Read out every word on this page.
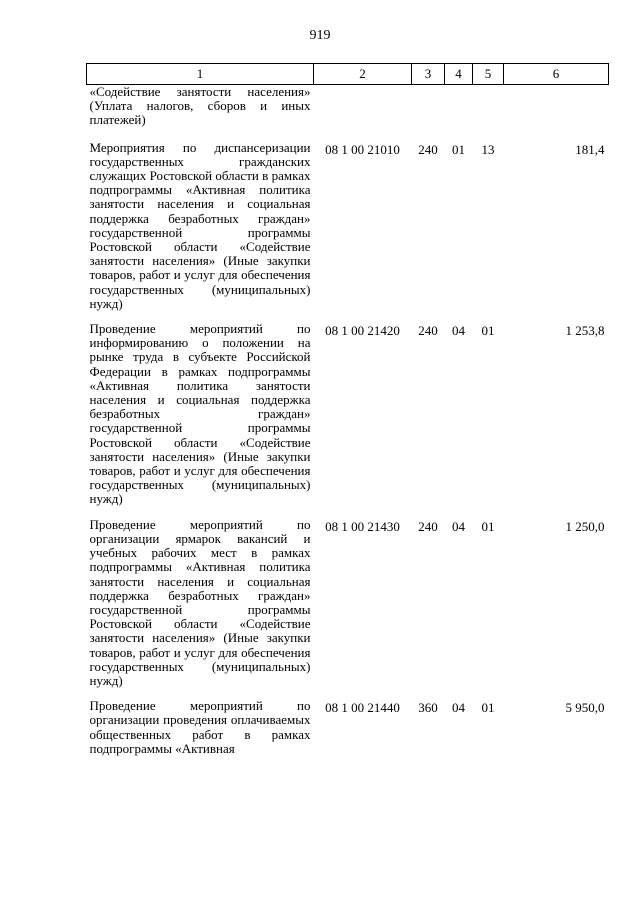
919
1	2	3	4	5	6
«Содействие занятости населения» (Уплата налогов, сборов и иных платежей)					
Мероприятия по диспансеризации государственных гражданских служащих Ростовской области в рамках подпрограммы «Активная политика занятости населения и социальная поддержка безработных граждан» государственной программы Ростовской области «Содействие занятости населения» (Иные закупки товаров, работ и услуг для обеспечения государственных (муниципальных) нужд)	08 1 00 21010	240	01	13	181,4
Проведение мероприятий по информированию о положении на рынке труда в субъекте Российской Федерации в рамках подпрограммы «Активная политика занятости населения и социальная поддержка безработных граждан» государственной программы Ростовской области «Содействие занятости населения» (Иные закупки товаров, работ и услуг для обеспечения государственных (муниципальных) нужд)	08 1 00 21420	240	04	01	1 253,8
Проведение мероприятий по организации ярмарок вакансий и учебных рабочих мест в рамках подпрограммы «Активная политика занятости населения и социальная поддержка безработных граждан» государственной программы Ростовской области «Содействие занятости населения» (Иные закупки товаров, работ и услуг для обеспечения государственных (муниципальных) нужд)	08 1 00 21430	240	04	01	1 250,0
Проведение мероприятий по организации проведения оплачиваемых общественных работ в рамках подпрограммы «Активная	08 1 00 21440	360	04	01	5 950,0
